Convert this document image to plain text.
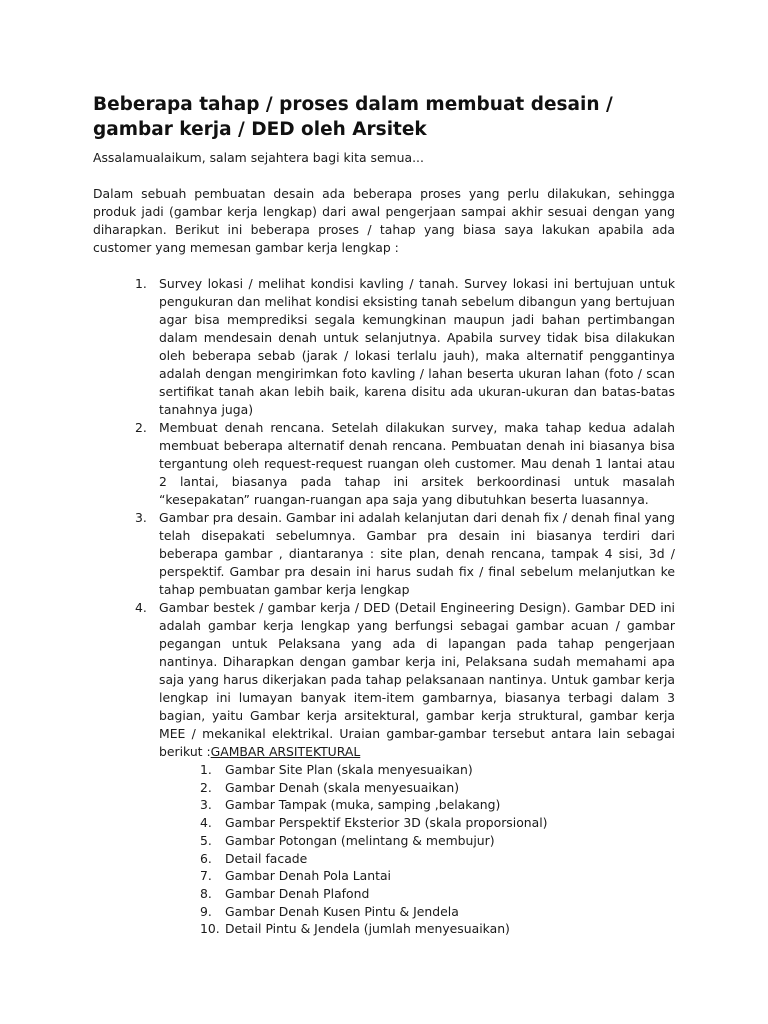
Beberapa tahap / proses dalam membuat desain / gambar kerja / DED oleh Arsitek
Assalamualaikum, salam sejahtera bagi kita semua...
Dalam sebuah pembuatan desain ada beberapa proses yang perlu dilakukan, sehingga produk jadi (gambar kerja lengkap) dari awal pengerjaan sampai akhir sesuai dengan yang diharapkan. Berikut ini beberapa proses / tahap yang biasa saya lakukan apabila ada customer yang memesan gambar kerja lengkap :
1. Survey lokasi / melihat kondisi kavling / tanah. Survey lokasi ini bertujuan untuk pengukuran dan melihat kondisi eksisting tanah sebelum dibangun yang bertujuan agar bisa memprediksi segala kemungkinan maupun jadi bahan pertimbangan dalam mendesain denah untuk selanjutnya. Apabila survey tidak bisa dilakukan oleh beberapa sebab (jarak / lokasi terlalu jauh), maka alternatif penggantinya adalah dengan mengirimkan foto kavling / lahan beserta ukuran lahan (foto / scan sertifikat tanah akan lebih baik, karena disitu ada ukuran-ukuran dan batas-batas tanahnya juga)
2. Membuat denah rencana. Setelah dilakukan survey, maka tahap kedua adalah membuat beberapa alternatif denah rencana. Pembuatan denah ini biasanya bisa tergantung oleh request-request ruangan oleh customer. Mau denah 1 lantai atau 2 lantai, biasanya pada tahap ini arsitek berkoordinasi untuk masalah “kesepakatan” ruangan-ruangan apa saja yang dibutuhkan beserta luasannya.
3. Gambar pra desain. Gambar ini adalah kelanjutan dari denah fix / denah final yang telah disepakati sebelumnya. Gambar pra desain ini biasanya terdiri dari beberapa gambar , diantaranya : site plan, denah rencana, tampak 4 sisi, 3d / perspektif. Gambar pra desain ini harus sudah fix / final sebelum melanjutkan ke tahap pembuatan gambar kerja lengkap
4. Gambar bestek / gambar kerja / DED (Detail Engineering Design). Gambar DED ini adalah gambar kerja lengkap yang berfungsi sebagai gambar acuan / gambar pegangan untuk Pelaksana yang ada di lapangan pada tahap pengerjaan nantinya. Diharapkan dengan gambar kerja ini, Pelaksana sudah memahami apa saja yang harus dikerjakan pada tahap pelaksanaan nantinya. Untuk gambar kerja lengkap ini lumayan banyak item-item gambarnya, biasanya terbagi dalam 3 bagian, yaitu Gambar kerja arsitektural, gambar kerja struktural, gambar kerja MEE / mekanikal elektrikal. Uraian gambar-gambar tersebut antara lain sebagai berikut :GAMBAR ARSITEKTURAL
1. Gambar Site Plan (skala menyesuaikan)
2. Gambar Denah (skala menyesuaikan)
3. Gambar Tampak (muka, samping ,belakang)
4. Gambar Perspektif Eksterior 3D (skala proporsional)
5. Gambar Potongan (melintang & membujur)
6. Detail facade
7. Gambar Denah Pola Lantai
8. Gambar Denah Plafond
9. Gambar Denah Kusen Pintu & Jendela
10. Detail Pintu & Jendela (jumlah menyesuaikan)
